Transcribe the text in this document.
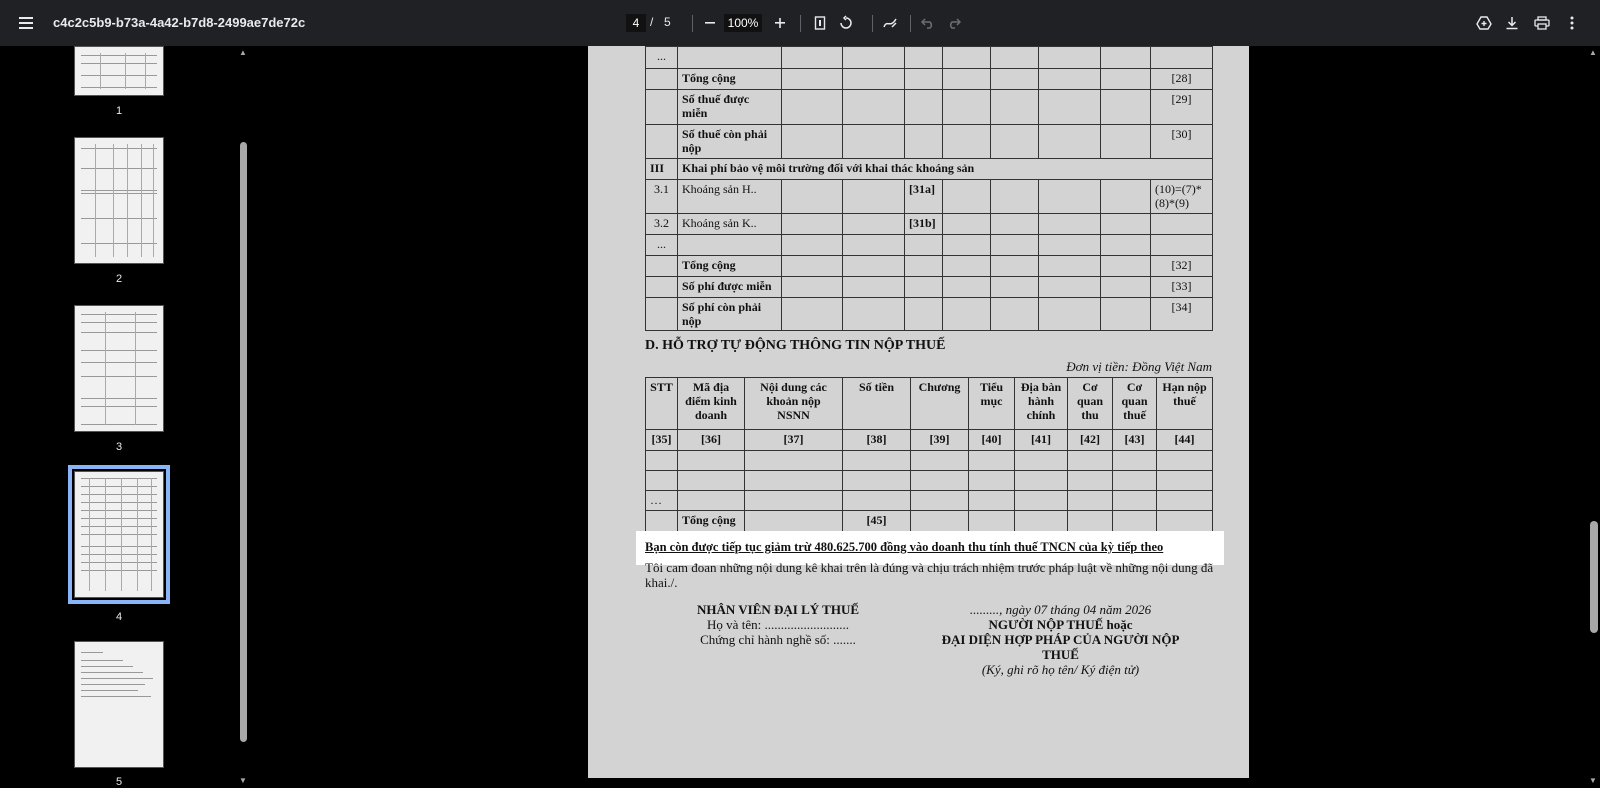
c4c2c5b9-b73a-4a42-b7d8-2499ae7de72c	4 / 5	100%
1
2
3
4
5
▲
▼
▲
▼
...									
	Tổng cộng								[28]
	Số thuế được miễn								[29]
	Số thuế còn phải nộp								[30]
III	Khai phí bảo vệ môi trường đối với khai thác khoáng sản								
3.1	Khoáng sản H..			[31a]					(10)=(7)*(8)*(9)
3.2	Khoáng sản K..			[31b]					
...									
	Tổng cộng								[32]
	Số phí được miễn								[33]
	Số phí còn phải nộp								[34]
D. HỖ TRỢ TỰ ĐỘNG THÔNG TIN NỘP THUẾ
Đơn vị tiền: Đồng Việt Nam
STT	Mã địa điểm kinh doanh	Nội dung các khoản nộp NSNN	Số tiền	Chương	Tiểu mục	Địa bàn hành chính	Cơ quan thu	Cơ quan thuế	Hạn nộp thuế
[35]	[36]	[37]	[38]	[39]	[40]	[41]	[42]	[43]	[44]

…									
	Tổng cộng		[45]						
Bạn còn được tiếp tục giảm trừ 480.625.700 đồng vào doanh thu tính thuế TNCN của kỳ tiếp theo
Tôi cam đoan những nội dung kê khai trên là đúng và chịu trách nhiệm trước pháp luật về những nội dung đã khai./.
NHÂN VIÊN ĐẠI LÝ THUẾ
Họ và tên: ..........................
Chứng chỉ hành nghề số: .......
........., ngày 07 tháng 04 năm 2026
NGƯỜI NỘP THUẾ hoặc
ĐẠI DIỆN HỢP PHÁP CỦA NGƯỜI NỘP THUẾ
(Ký, ghi rõ họ tên/ Ký điện tử)
